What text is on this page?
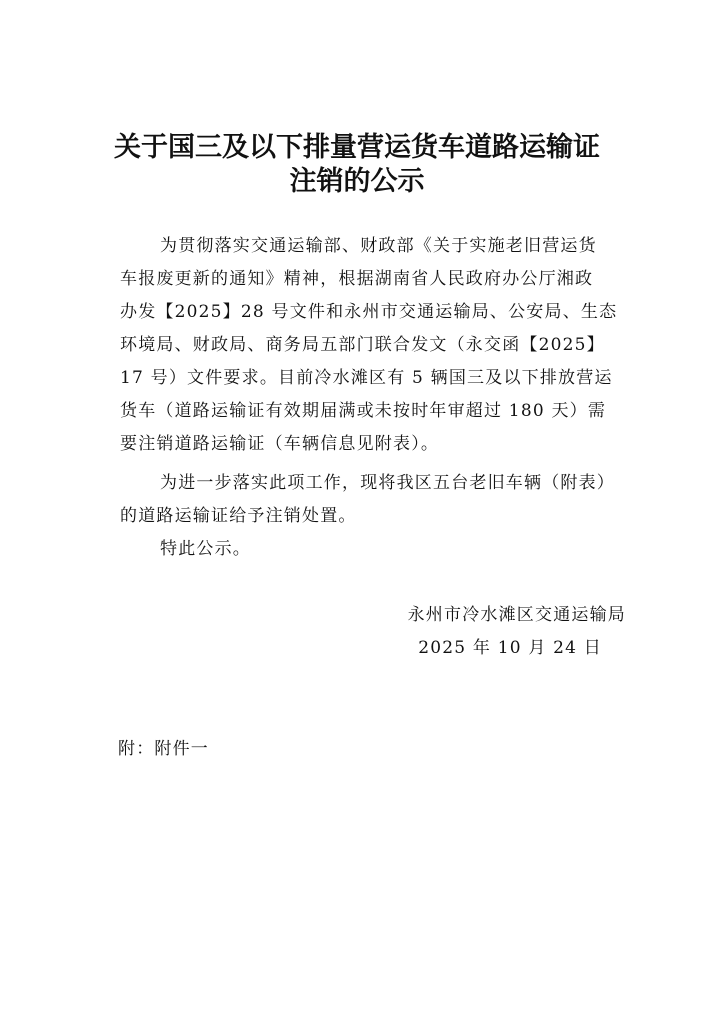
关于国三及以下排量营运货车道路运输证
注销的公示
为贯彻落实交通运输部、财政部《关于实施老旧营运货
车报废更新的通知》精神，根据湖南省人民政府办公厅湘政
办发【2025】28 号文件和永州市交通运输局、公安局、生态
环境局、财政局、商务局五部门联合发文（永交函【2025】
17 号）文件要求。目前冷水滩区有 5 辆国三及以下排放营运
货车（道路运输证有效期届满或未按时年审超过 180 天）需
要注销道路运输证（车辆信息见附表）。
为进一步落实此项工作，现将我区五台老旧车辆（附表）
的道路运输证给予注销处置。
特此公示。
永州市冷水滩区交通运输局
2025 年 10 月 24 日
附：附件一
